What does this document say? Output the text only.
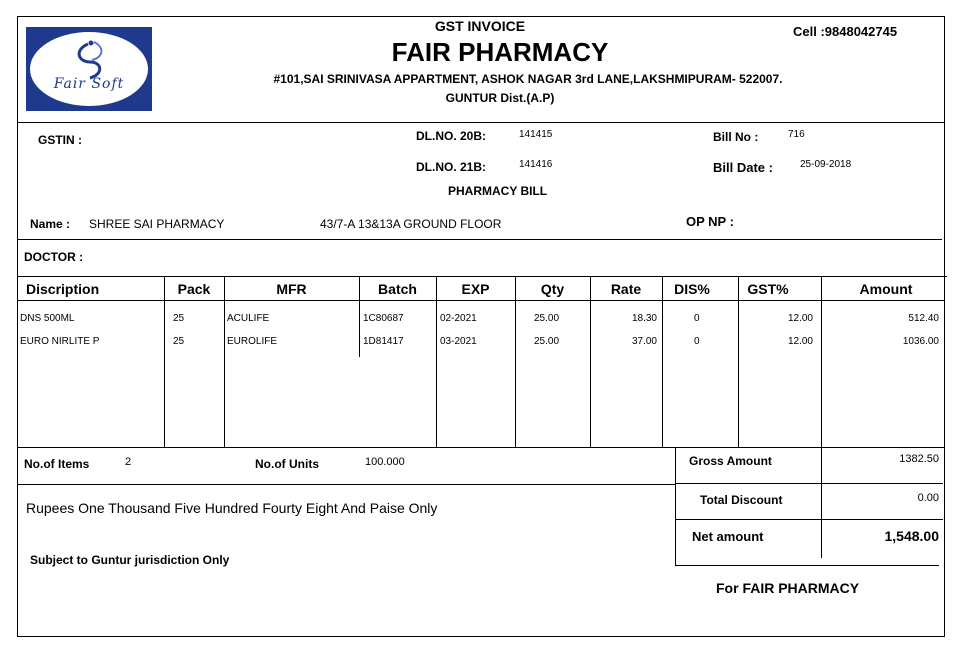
Fair Soft
GST INVOICE
FAIR PHARMACY
#101,SAI SRINIVASA APPARTMENT, ASHOK NAGAR 3rd LANE,LAKSHMIPURAM- 522007.
GUNTUR Dist.(A.P)
Cell :9848042745
GSTIN :	DL.NO. 20B:	141415	Bill No :	716
DL.NO. 21B:	141416	Bill Date :	25-09-2018
PHARMACY BILL
Name : SHREE SAI PHARMACY	43/7-A 13&13A GROUND FLOOR	OP NP :
DOCTOR :
Discription	Pack	MFR	Batch	EXP	Qty	Rate	DIS%	GST%	Amount
DNS 500ML	25	ACULIFE	1C80687	02-2021	25.00	18.30	0	12.00	512.40
EURO NIRLITE P	25	EUROLIFE	1D81417	03-2021	25.00	37.00	0	12.00	1036.00
No.of Items	2	No.of Units	100.000	Gross Amount	1382.50
Total Discount	0.00
Net amount	1,548.00
Rupees One Thousand Five Hundred Fourty Eight And Paise Only
Subject to Guntur jurisdiction Only
For FAIR PHARMACY
